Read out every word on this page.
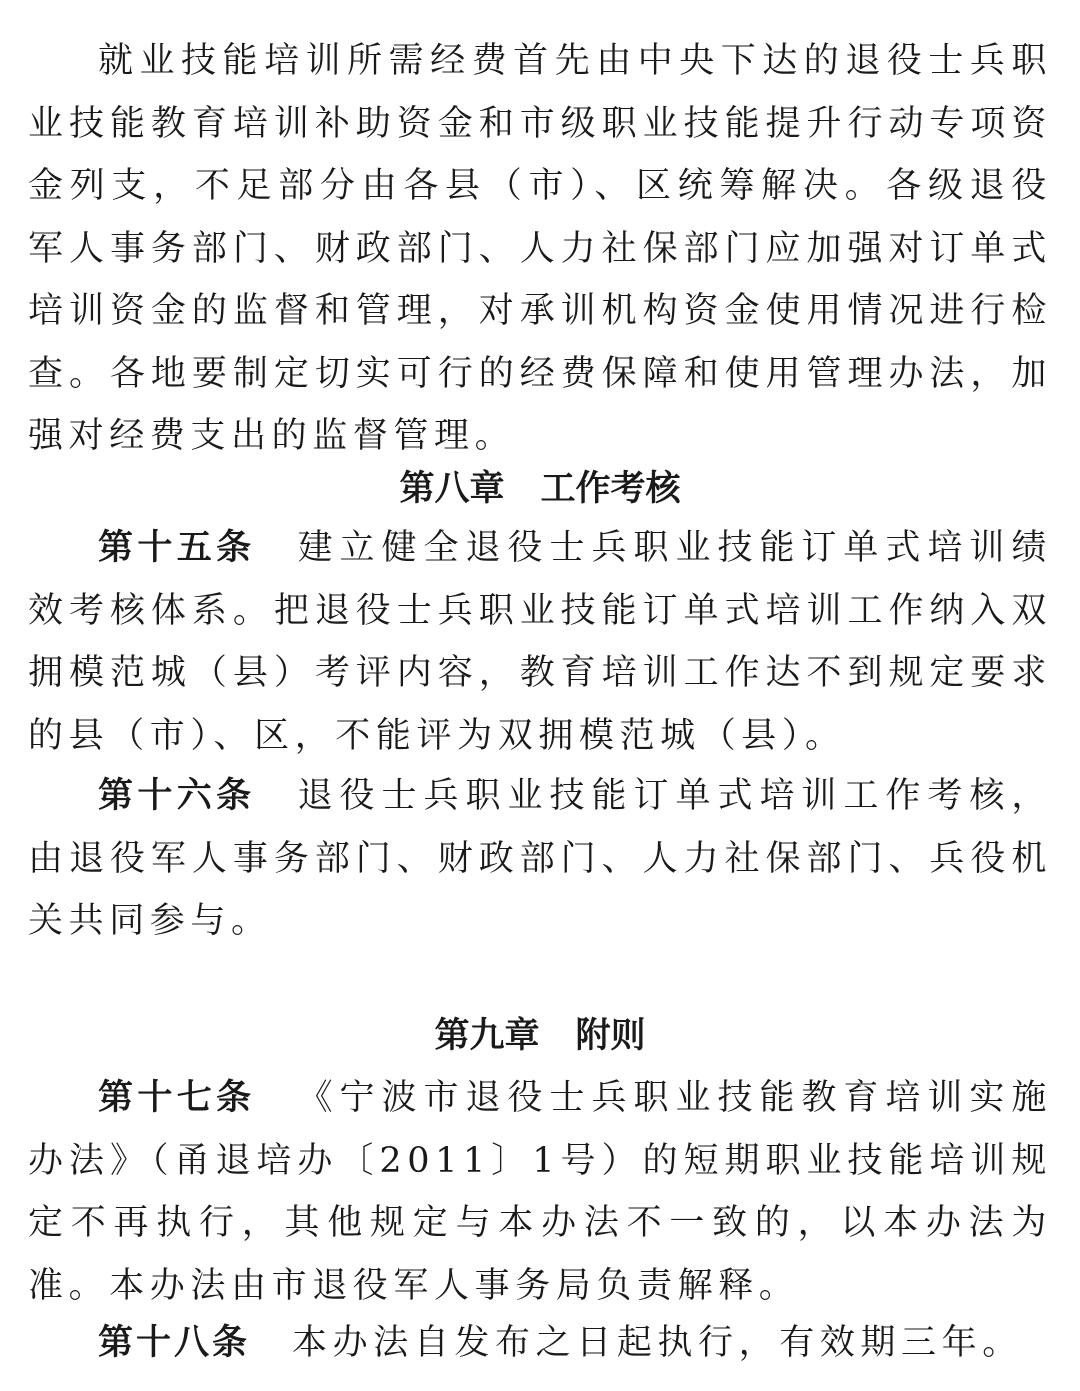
就业技能培训所需经费首先由中央下达的退役士兵职业技能教育培训补助资金和市级职业技能提升行动专项资金列支，不足部分由各县（市）、区统筹解决。各级退役军人事务部门、财政部门、人力社保部门应加强对订单式培训资金的监督和管理，对承训机构资金使用情况进行检查。各地要制定切实可行的经费保障和使用管理办法，加强对经费支出的监督管理。

第八章 工作考核

第十五条 建立健全退役士兵职业技能订单式培训绩效考核体系。把退役士兵职业技能订单式培训工作纳入双拥模范城（县）考评内容，教育培训工作达不到规定要求的县（市）、区，不能评为双拥模范城（县）。

第十六条 退役士兵职业技能订单式培训工作考核，由退役军人事务部门、财政部门、人力社保部门、兵役机关共同参与。

第九章 附则

第十七条 《宁波市退役士兵职业技能教育培训实施办法》（甬退培办〔2011〕1号）的短期职业技能培训规定不再执行，其他规定与本办法不一致的，以本办法为准。本办法由市退役军人事务局负责解释。

第十八条 本办法自发布之日起执行，有效期三年。
